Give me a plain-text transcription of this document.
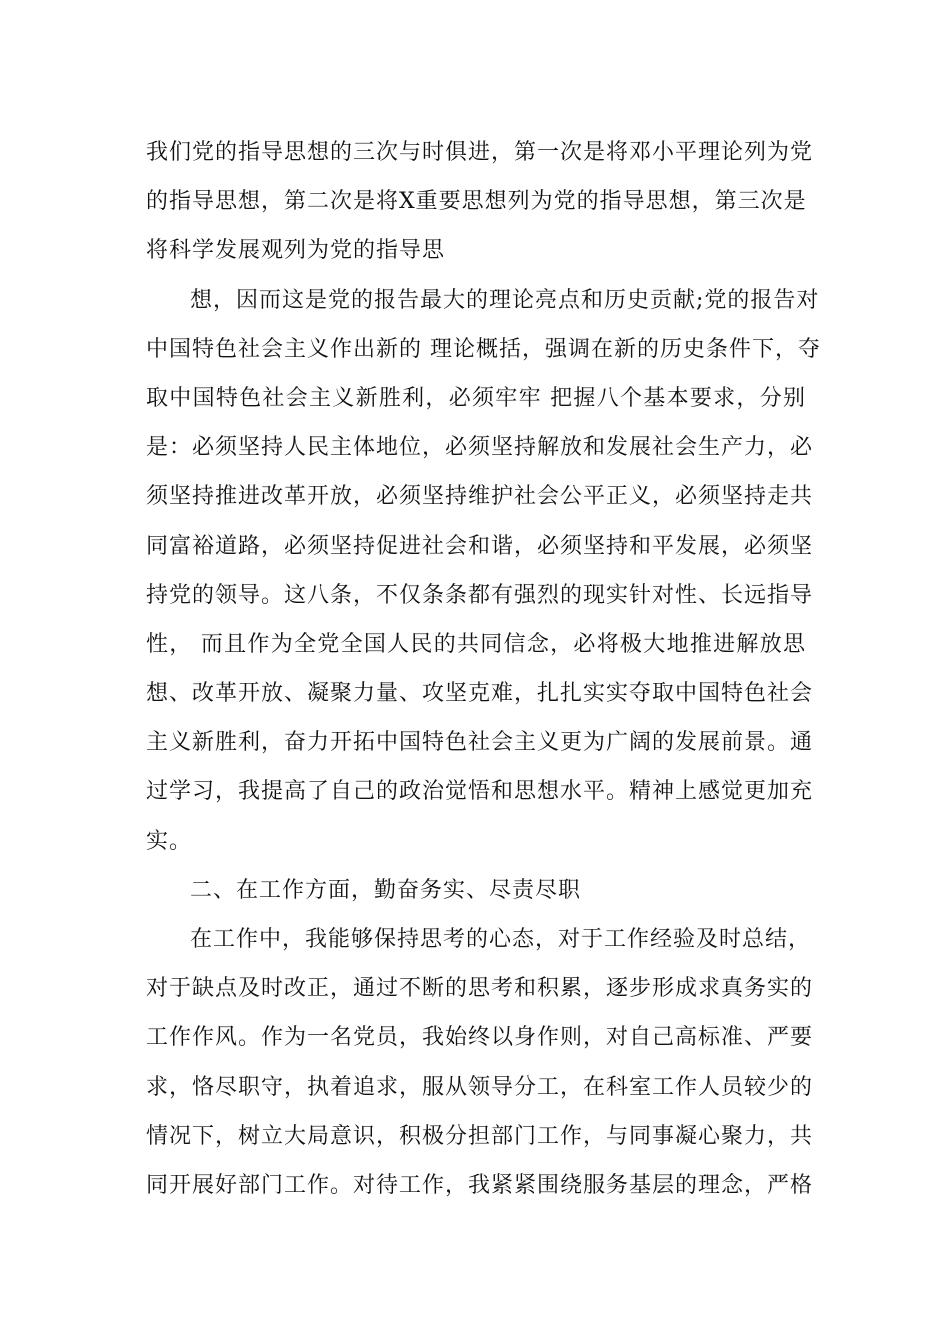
我们党的指导思想的三次与时俱进，第一次是将邓小平理论列为党
的指导思想，第二次是将X重要思想列为党的指导思想，第三次是
将科学发展观列为党的指导思
想，因而这是党的报告最大的理论亮点和历史贡献;党的报告对
中国特色社会主义作出新的 理论概括，强调在新的历史条件下，夺
取中国特色社会主义新胜利，必须牢牢 把握八个基本要求，分别
是：必须坚持人民主体地位，必须坚持解放和发展社会生产力，必
须坚持推进改革开放，必须坚持维护社会公平正义，必须坚持走共
同富裕道路，必须坚持促进社会和谐，必须坚持和平发展，必须坚
持党的领导。这八条，不仅条条都有强烈的现实针对性、长远指导
性， 而且作为全党全国人民的共同信念，必将极大地推进解放思
想、改革开放、凝聚力量、攻坚克难，扎扎实实夺取中国特色社会
主义新胜利，奋力开拓中国特色社会主义更为广阔的发展前景。通
过学习，我提高了自己的政治觉悟和思想水平。精神上感觉更加充
实。
二、在工作方面，勤奋务实、尽责尽职
在工作中，我能够保持思考的心态，对于工作经验及时总结，
对于缺点及时改正，通过不断的思考和积累，逐步形成求真务实的
工作作风。作为一名党员，我始终以身作则，对自己高标准、严要
求，恪尽职守，执着追求，服从领导分工，在科室工作人员较少的
情况下，树立大局意识，积极分担部门工作，与同事凝心聚力，共
同开展好部门工作。对待工作，我紧紧围绕服务基层的理念，严格
